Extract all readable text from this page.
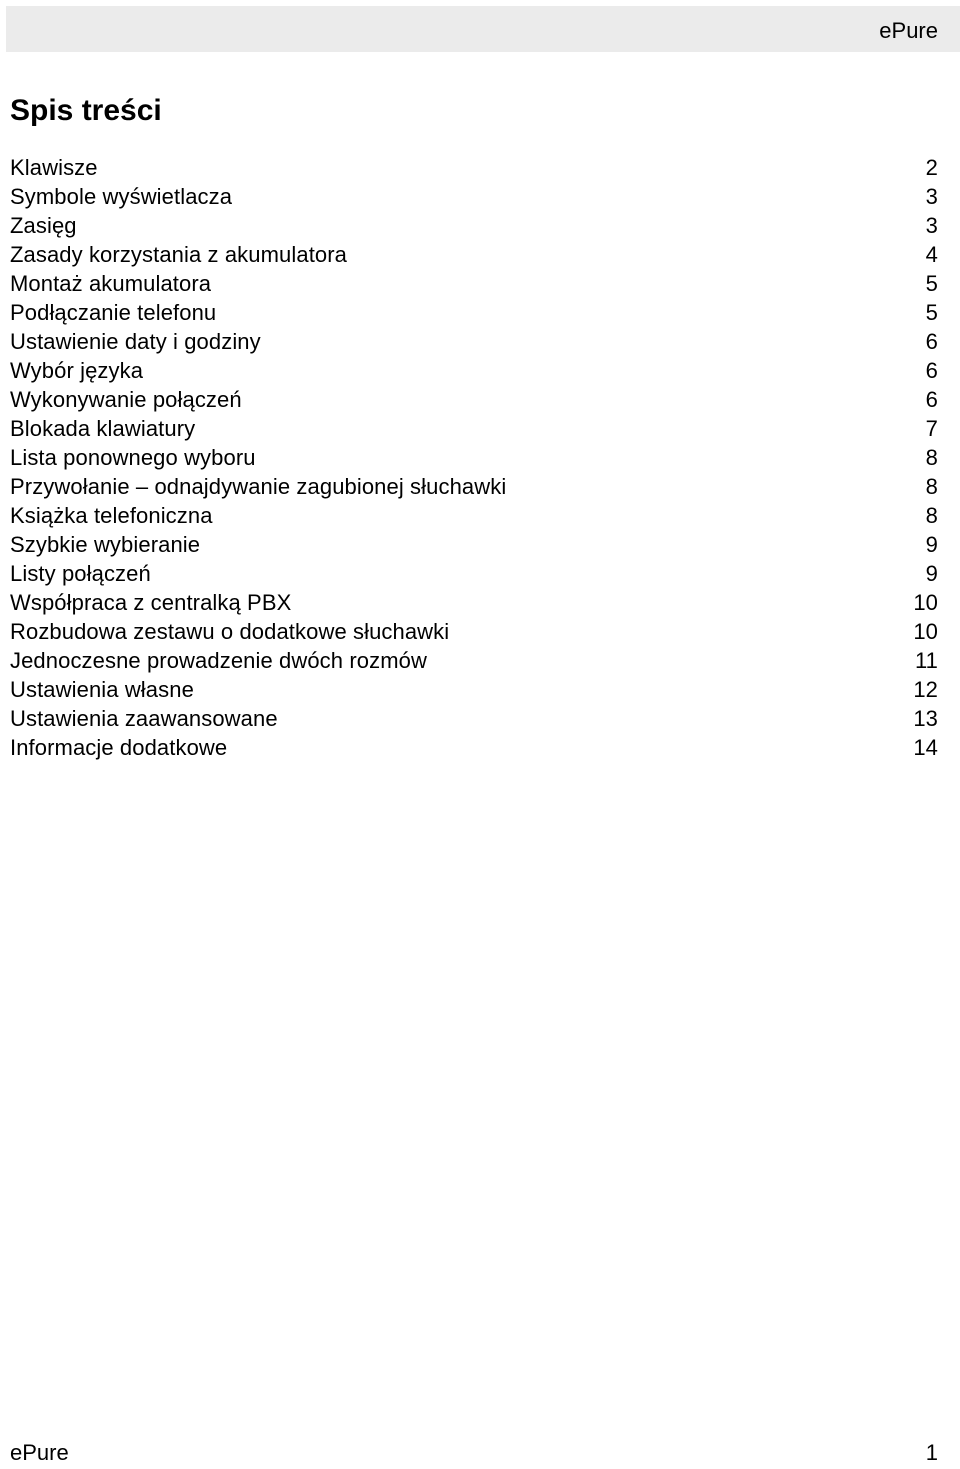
ePure
Spis treści
Klawisze	2
Symbole wyświetlacza	3
Zasięg	3
Zasady korzystania z akumulatora	4
Montaż akumulatora	5
Podłączanie telefonu	5
Ustawienie daty i godziny	6
Wybór języka	6
Wykonywanie połączeń	6
Blokada klawiatury	7
Lista ponownego wyboru	8
Przywołanie – odnajdywanie zagubionej słuchawki	8
Książka telefoniczna	8
Szybkie wybieranie	9
Listy połączeń	9
Współpraca z centralką PBX	10
Rozbudowa zestawu o dodatkowe słuchawki	10
Jednoczesne prowadzenie dwóch rozmów	11
Ustawienia własne	12
Ustawienia zaawansowane	13
Informacje dodatkowe	14
ePure	1
